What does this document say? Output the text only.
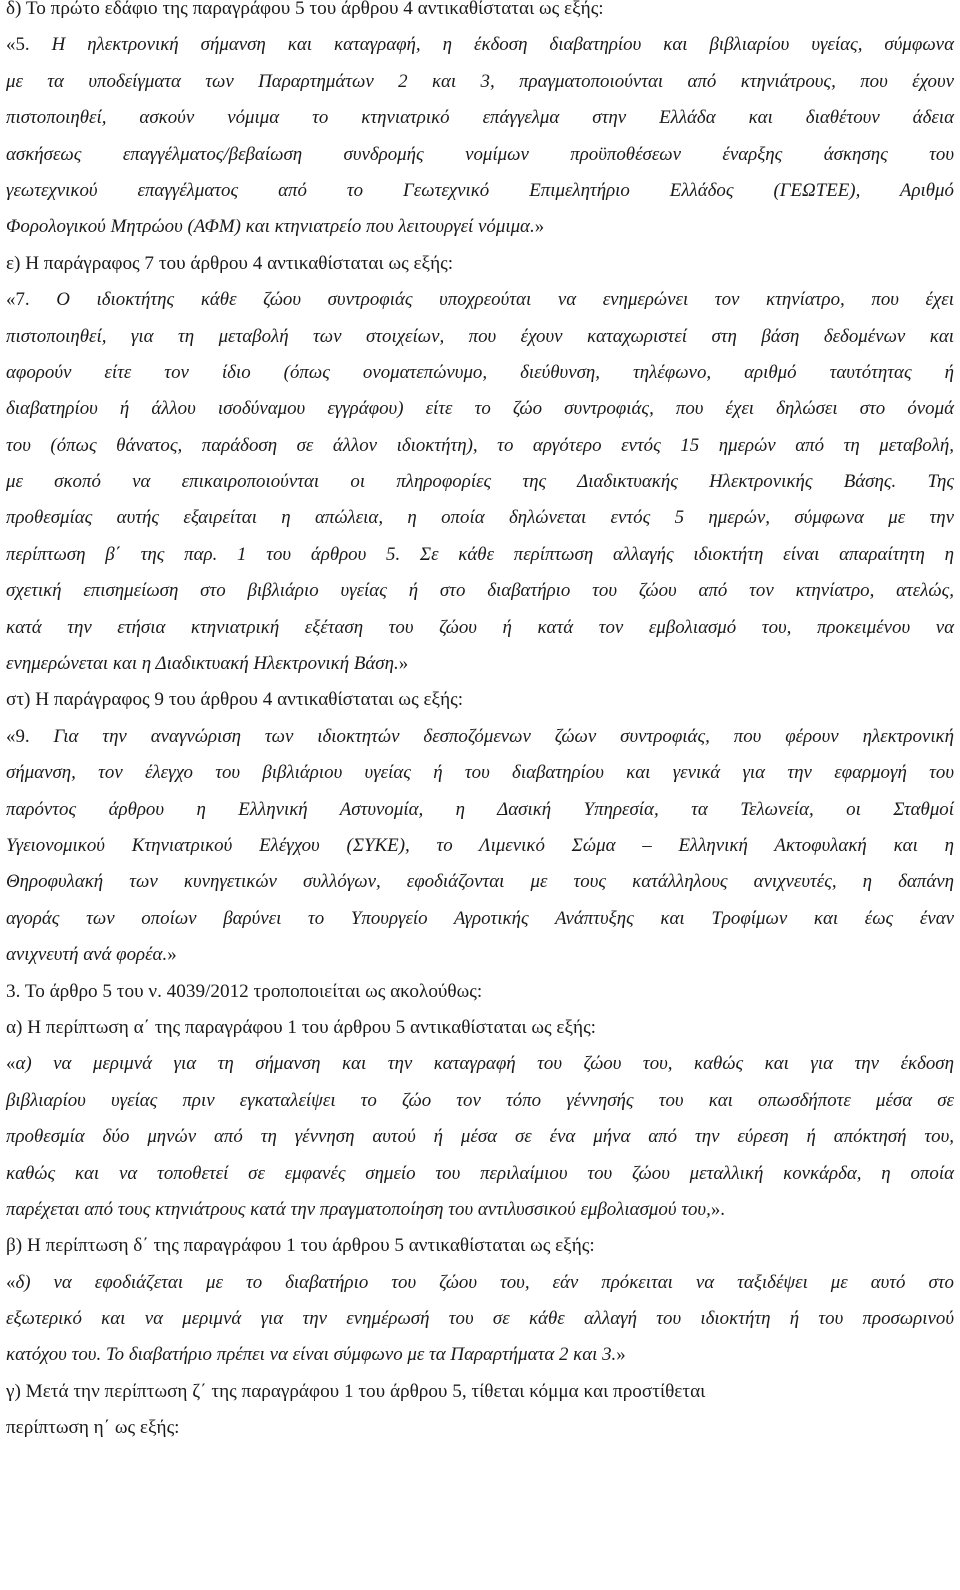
δ) Το πρώτο εδάφιο της παραγράφου 5 του άρθρου 4 αντικαθίσταται ως εξής:
«5. Η ηλεκτρονική σήμανση και καταγραφή, η έκδοση διαβατηρίου και βιβλιαρίου υγείας, σύμφωνα
με τα υποδείγματα των Παραρτημάτων 2 και 3, πραγματοποιούνται από κτηνιάτρους, που έχουν
πιστοποιηθεί, ασκούν νόμιμα το κτηνιατρικό επάγγελμα στην Ελλάδα και διαθέτουν άδεια
ασκήσεως επαγγέλματος/βεβαίωση συνδρομής νομίμων προϋποθέσεων έναρξης άσκησης του
γεωτεχνικού επαγγέλματος από το Γεωτεχνικό Επιμελητήριο Ελλάδος (ΓΕΩΤΕΕ), Αριθμό
Φορολογικού Μητρώου (ΑΦΜ) και κτηνιατρείο που λειτουργεί νόμιμα.»
ε) Η παράγραφος 7 του άρθρου 4 αντικαθίσταται ως εξής:
«7. Ο ιδιοκτήτης κάθε ζώου συντροφιάς υποχρεούται να ενημερώνει τον κτηνίατρο, που έχει
πιστοποιηθεί, για τη μεταβολή των στοιχείων, που έχουν καταχωριστεί στη βάση δεδομένων και
αφορούν είτε τον ίδιο (όπως ονοματεπώνυμο, διεύθυνση, τηλέφωνο, αριθμό ταυτότητας ή
διαβατηρίου ή άλλου ισοδύναμου εγγράφου) είτε το ζώο συντροφιάς, που έχει δηλώσει στο όνομά
του (όπως θάνατος, παράδοση σε άλλον ιδιοκτήτη), το αργότερο εντός 15 ημερών από τη μεταβολή,
με σκοπό να επικαιροποιούνται οι πληροφορίες της Διαδικτυακής Ηλεκτρονικής Βάσης. Της
προθεσμίας αυτής εξαιρείται η απώλεια, η οποία δηλώνεται εντός 5 ημερών, σύμφωνα με την
περίπτωση β΄ της παρ. 1 του άρθρου 5. Σε κάθε περίπτωση αλλαγής ιδιοκτήτη είναι απαραίτητη η
σχετική επισημείωση στο βιβλιάριο υγείας ή στο διαβατήριο του ζώου από τον κτηνίατρο, ατελώς,
κατά την ετήσια κτηνιατρική εξέταση του ζώου ή κατά τον εμβολιασμό του, προκειμένου να
ενημερώνεται και η Διαδικτυακή Ηλεκτρονική Βάση.»
στ) Η παράγραφος 9 του άρθρου 4 αντικαθίσταται ως εξής:
«9. Για την αναγνώριση των ιδιοκτητών δεσποζόμενων ζώων συντροφιάς, που φέρουν ηλεκτρονική
σήμανση, τον έλεγχο του βιβλιάριου υγείας ή του διαβατηρίου και γενικά για την εφαρμογή του
παρόντος άρθρου η Ελληνική Αστυνομία, η Δασική Υπηρεσία, τα Τελωνεία, οι Σταθμοί
Υγειονομικού Κτηνιατρικού Ελέγχου (ΣΥΚΕ), το Λιμενικό Σώμα – Ελληνική Ακτοφυλακή και η
Θηροφυλακή των κυνηγετικών συλλόγων, εφοδιάζονται με τους κατάλληλους ανιχνευτές, η δαπάνη
αγοράς των οποίων βαρύνει το Υπουργείο Αγροτικής Ανάπτυξης και Τροφίμων και έως έναν
ανιχνευτή ανά φορέα.»
3. Το άρθρο 5 του ν. 4039/2012 τροποποιείται ως ακολούθως:
α) Η περίπτωση α΄ της παραγράφου 1 του άρθρου 5 αντικαθίσταται ως εξής:
«α) να μεριμνά για τη σήμανση και την καταγραφή του ζώου του, καθώς και για την έκδοση
βιβλιαρίου υγείας πριν εγκαταλείψει το ζώο τον τόπο γέννησής του και οπωσδήποτε μέσα σε
προθεσμία δύο μηνών από τη γέννηση αυτού ή μέσα σε ένα μήνα από την εύρεση ή απόκτησή του,
καθώς και να τοποθετεί σε εμφανές σημείο του περιλαίμιου του ζώου μεταλλική κονκάρδα, η οποία
παρέχεται από τους κτηνιάτρους κατά την πραγματοποίηση του αντιλυσσικού εμβολιασμού του,».
β) Η περίπτωση δ΄ της παραγράφου 1 του άρθρου 5 αντικαθίσταται ως εξής:
«δ) να εφοδιάζεται με το διαβατήριο του ζώου του, εάν πρόκειται να ταξιδέψει με αυτό στο
εξωτερικό και να μεριμνά για την ενημέρωσή του σε κάθε αλλαγή του ιδιοκτήτη ή του προσωρινού
κατόχου του. Το διαβατήριο πρέπει να είναι σύμφωνο με τα Παραρτήματα 2 και 3.»
γ) Μετά την περίπτωση ζ΄ της παραγράφου 1 του άρθρου 5, τίθεται κόμμα και προστίθεται
περίπτωση η΄ ως εξής:
